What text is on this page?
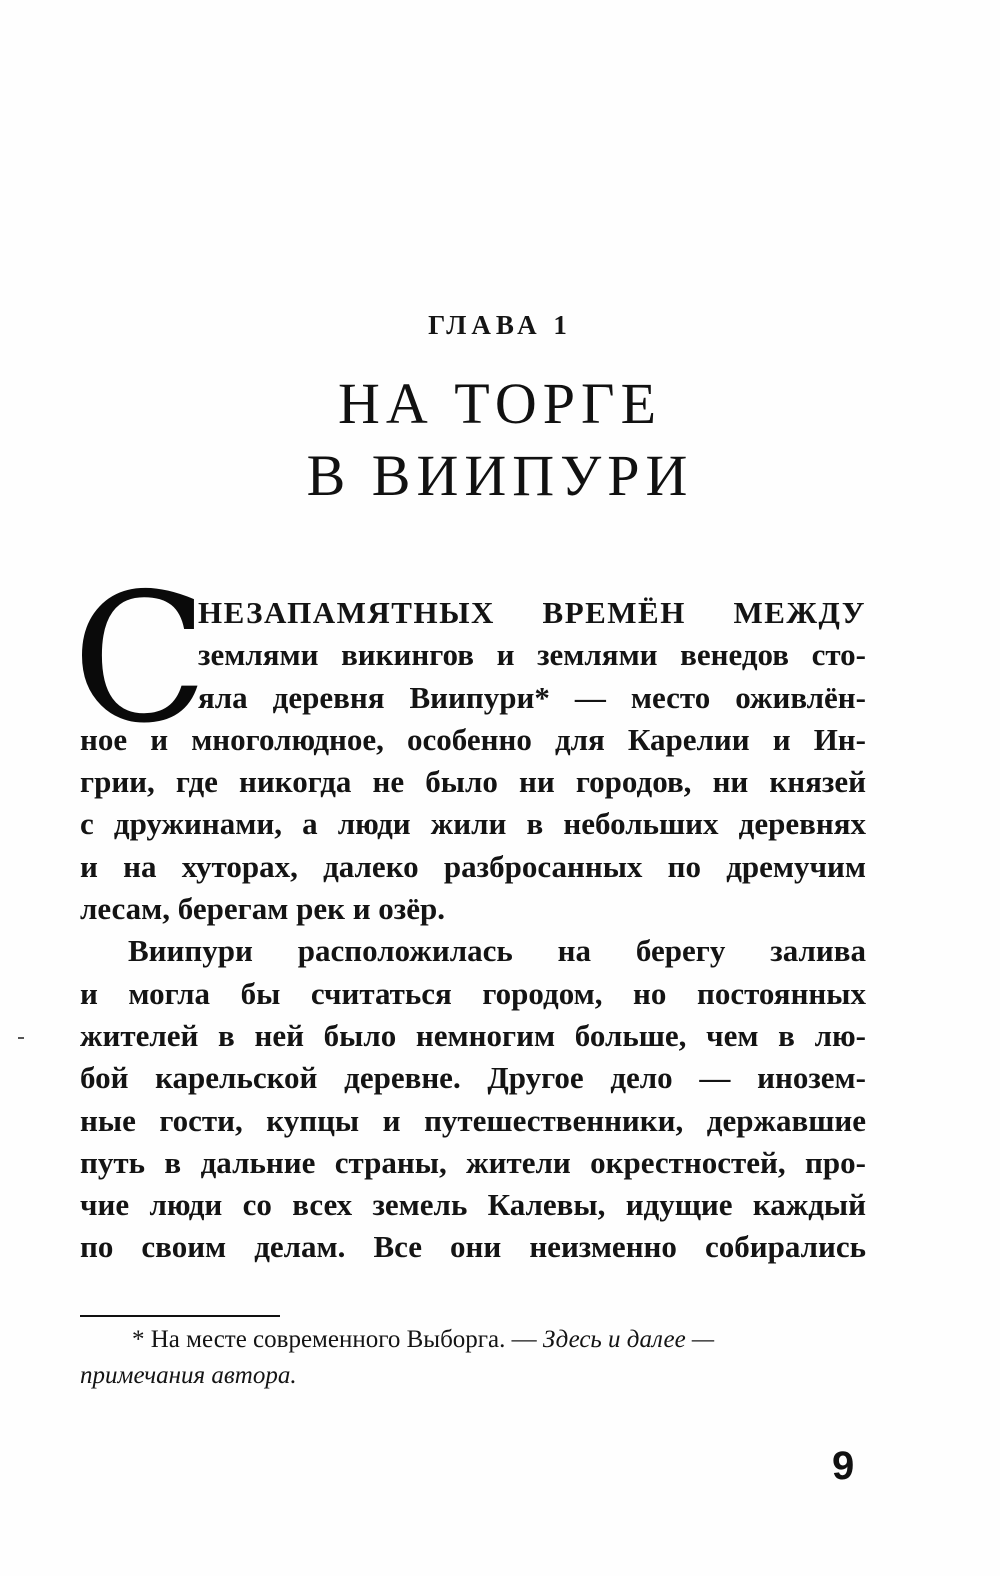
ГЛАВА 1
НА ТОРГЕ
В ВИИПУРИ
С
НЕЗАПАМЯТНЫХ ВРЕМЁН МЕЖДУ
землями викингов и землями венедов сто-
яла деревня Виипури* — место оживлён-
ное и многолюдное, особенно для Карелии и Ин-
грии, где никогда не было ни городов, ни князей
с дружинами, а люди жили в небольших деревнях
и на хуторах, далеко разбросанных по дремучим
лесам, берегам рек и озёр.
Виипури расположилась на берегу залива
и могла бы считаться городом, но постоянных
жителей в ней было немногим больше, чем в лю-
бой карельской деревне. Другое дело — инозем-
ные гости, купцы и путешественники, державшие
путь в дальние страны, жители окрестностей, про-
чие люди со всех земель Калевы, идущие каждый
по своим делам. Все они неизменно собирались
* На месте современного Выборга. — Здесь и далее —
примечания автора.
9
